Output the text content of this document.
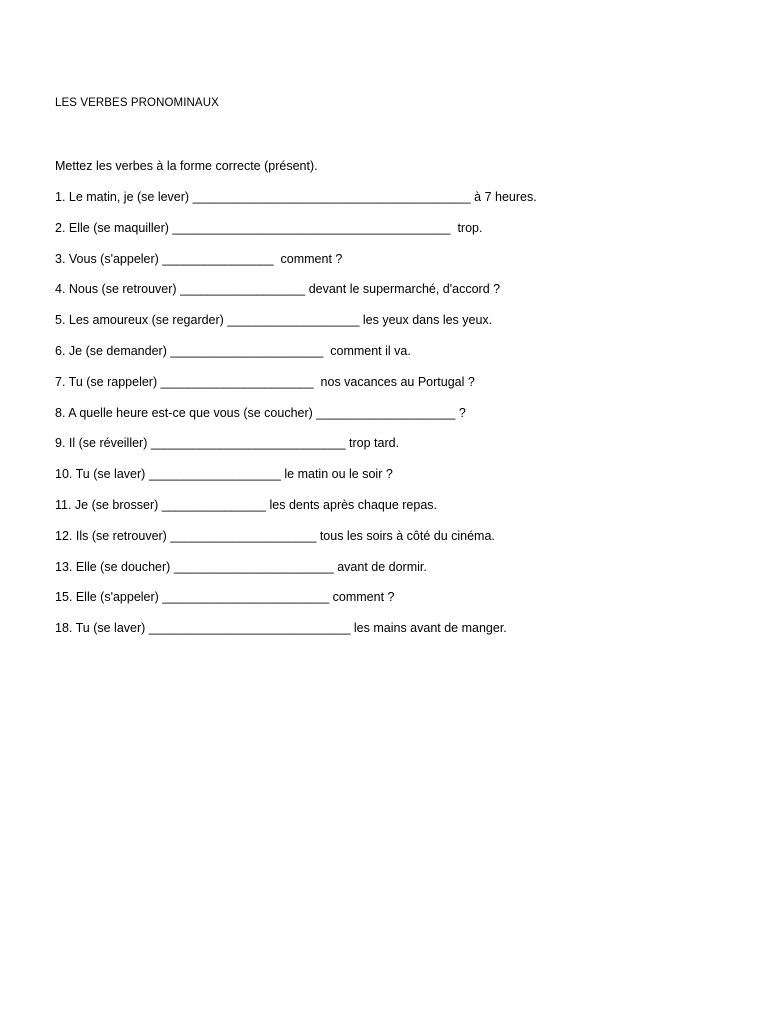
LES VERBES PRONOMINAUX
Mettez les verbes à la forme correcte (présent).
1. Le matin, je (se lever) ________________________________________ à 7 heures.
2. Elle (se maquiller) ________________________________________  trop.
3. Vous (s'appeler) ________________  comment ?
4. Nous (se retrouver) __________________ devant le supermarché, d'accord ?
5. Les amoureux (se regarder) ___________________ les yeux dans les yeux.
6. Je (se demander) ______________________  comment il va.
7. Tu (se rappeler) ______________________  nos vacances au Portugal ?
8. A quelle heure est-ce que vous (se coucher) ____________________ ?
9. Il (se réveiller) ____________________________ trop tard.
10. Tu (se laver) ___________________ le matin ou le soir ?
11. Je (se brosser) _______________ les dents après chaque repas.
12. Ils (se retrouver) _____________________ tous les soirs à côté du cinéma.
13. Elle (se doucher) _______________________ avant de dormir.
15. Elle (s'appeler) ________________________ comment ?
18. Tu (se laver) _____________________________ les mains avant de manger.
